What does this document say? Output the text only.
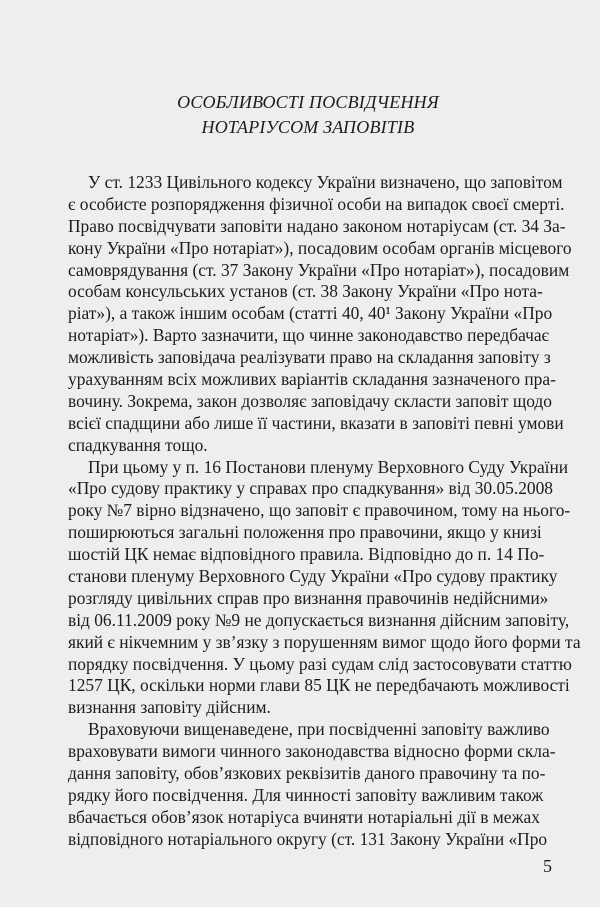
ОСОБЛИВОСТІ ПОСВІДЧЕННЯ
НОТАРІУСОМ ЗАПОВІТІВ
У ст. 1233 Цивільного кодексу України визначено, що заповітом
є особисте розпорядження фізичної особи на випадок своєї смерті.
Право посвідчувати заповіти надано законом нотаріусам (ст. 34 За-
кону України «Про нотаріат»), посадовим особам органів місцевого
самоврядування (ст. 37 Закону України «Про нотаріат»), посадовим
особам консульських установ (ст. 38 Закону України «Про нота-
ріат»), а також іншим особам (статті 40, 40¹ Закону України «Про
нотаріат»). Варто зазначити, що чинне законодавство передбачає
можливість заповідача реалізувати право на складання заповіту з
урахуванням всіх можливих варіантів складання зазначеного пра-
вочину. Зокрема, закон дозволяє заповідачу скласти заповіт щодо
всієї спадщини або лише її частини, вказати в заповіті певні умови
спадкування тощо.
При цьому у п. 16 Постанови пленуму Верховного Суду України
«Про судову практику у справах про спадкування» від 30.05.2008
року №7 вірно відзначено, що заповіт є правочином, тому на нього-
поширюються загальні положення про правочини, якщо у книзі
шостій ЦК немає відповідного правила. Відповідно до п. 14 По-
станови пленуму Верховного Суду України «Про судову практику
розгляду цивільних справ про визнання правочинів недійсними»
від 06.11.2009 року №9 не допускається визнання дійсним заповіту,
який є нікчемним у зв’язку з порушенням вимог щодо його форми та
порядку посвідчення. У цьому разі судам слід застосовувати статтю
1257 ЦК, оскільки норми глави 85 ЦК не передбачають можливості
визнання заповіту дійсним.
Враховуючи вищенаведене, при посвідченні заповіту важливо
враховувати вимоги чинного законодавства відносно форми скла-
дання заповіту, обов’язкових реквізитів даного правочину та по-
рядку його посвідчення. Для чинності заповіту важливим також
вбачається обов’язок нотаріуса вчиняти нотаріальні дії в межах
відповідного нотаріального округу (ст. 131 Закону України «Про
5
